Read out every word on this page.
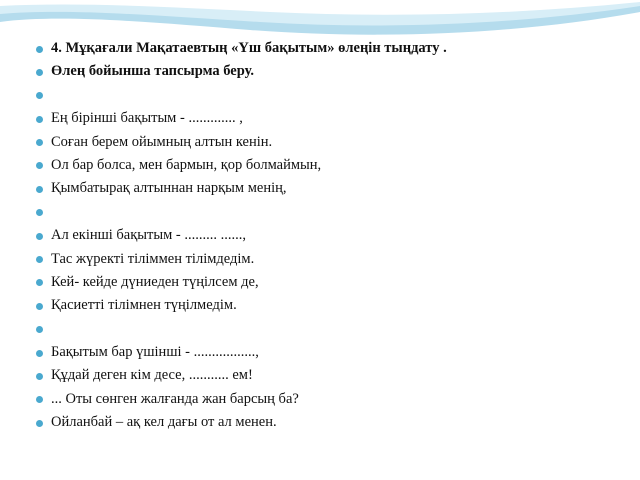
4. Мұқағали Мақатаевтың «Үш бақытым» өлеңін тыңдату .
Өлең бойынша тапсырма беру.
Ең бірінші бақытым - ............. ,
Соған берем ойымның алтын кенін.
Ол бар болса, мен бармын, қор болмаймын,
Қымбатырақ алтыннан нарқым менің,
Ал екінші бақытым - ......... ......,
Тас жүректі тіліммен тілімдедім.
Кей- кейде дүниеден түңілсем де,
Қасиетті тілімнен түңілмедім.
Бақытым бар үшінші - .................,
Құдай деген кім десе, ........... ем!
... Оты сөнген жалғанда жан барсың ба?
Ойланбай – ақ кел дағы от ал менен.
